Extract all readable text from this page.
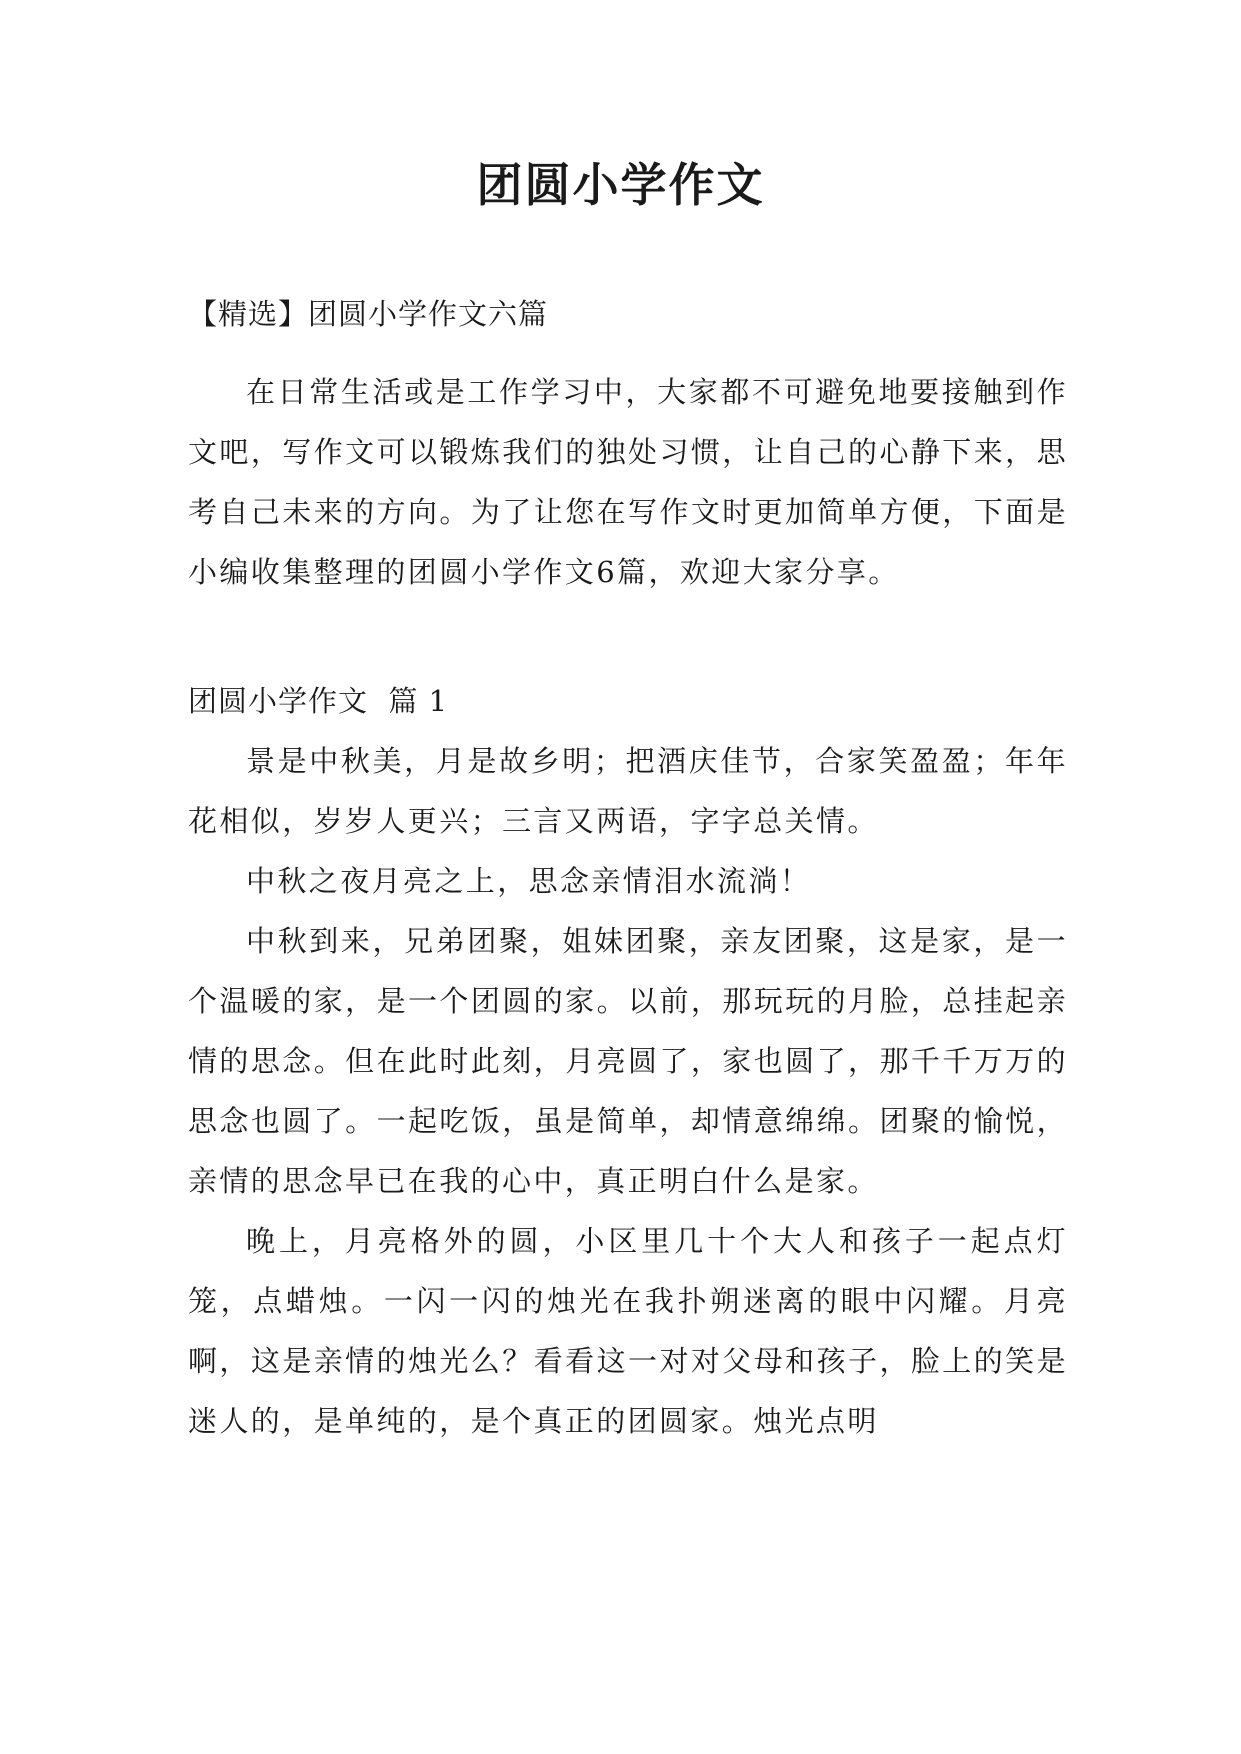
团圆小学作文

【精选】团圆小学作文六篇

在日常生活或是工作学习中，大家都不可避免地要接触到作文吧，写作文可以锻炼我们的独处习惯，让自己的心静下来，思考自己未来的方向。为了让您在写作文时更加简单方便，下面是小编收集整理的团圆小学作文6篇，欢迎大家分享。

团圆小学作文  篇 1

景是中秋美，月是故乡明；把酒庆佳节，合家笑盈盈；年年花相似，岁岁人更兴；三言又两语，字字总关情。

中秋之夜月亮之上，思念亲情泪水流淌！

中秋到来，兄弟团聚，姐妹团聚，亲友团聚，这是家，是一个温暖的家，是一个团圆的家。以前，那玩玩的月脸，总挂起亲情的思念。但在此时此刻，月亮圆了，家也圆了，那千千万万的思念也圆了。一起吃饭，虽是简单，却情意绵绵。团聚的愉悦，亲情的思念早已在我的心中，真正明白什么是家。

晚上，月亮格外的圆，小区里几十个大人和孩子一起点灯笼，点蜡烛。一闪一闪的烛光在我扑朔迷离的眼中闪耀。月亮啊，这是亲情的烛光么？看看这一对对父母和孩子，脸上的笑是迷人的，是单纯的，是个真正的团圆家。烛光点明
